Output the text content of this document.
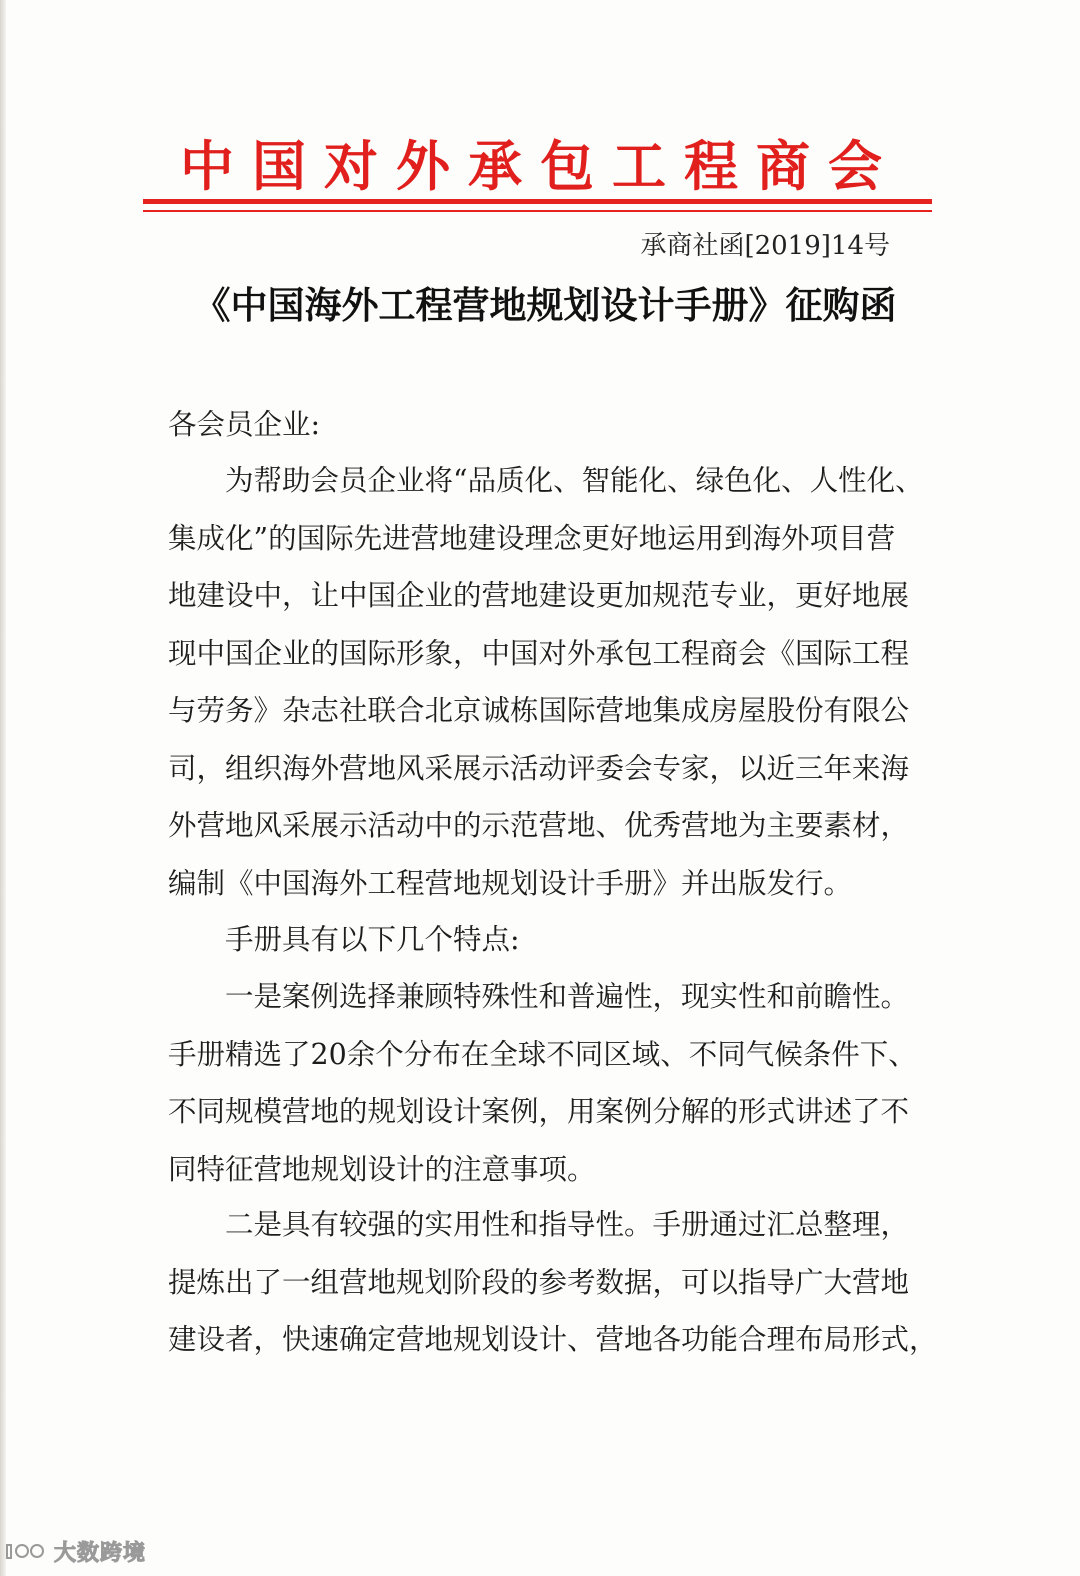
中国对外承包工程商会
承商社函[2019]14号
《中国海外工程营地规划设计手册》征购函
各会员企业:
为帮助会员企业将“品质化、智能化、绿色化、人性化、
集成化”的国际先进营地建设理念更好地运用到海外项目营
地建设中，让中国企业的营地建设更加规范专业，更好地展
现中国企业的国际形象，中国对外承包工程商会《国际工程
与劳务》杂志社联合北京诚栋国际营地集成房屋股份有限公
司，组织海外营地风采展示活动评委会专家，以近三年来海
外营地风采展示活动中的示范营地、优秀营地为主要素材，
编制《中国海外工程营地规划设计手册》并出版发行。
手册具有以下几个特点:
一是案例选择兼顾特殊性和普遍性，现实性和前瞻性。
手册精选了20余个分布在全球不同区域、不同气候条件下、
不同规模营地的规划设计案例，用案例分解的形式讲述了不
同特征营地规划设计的注意事项。
二是具有较强的实用性和指导性。手册通过汇总整理，
提炼出了一组营地规划阶段的参考数据，可以指导广大营地
建设者，快速确定营地规划设计、营地各功能合理布局形式，
大数跨境
